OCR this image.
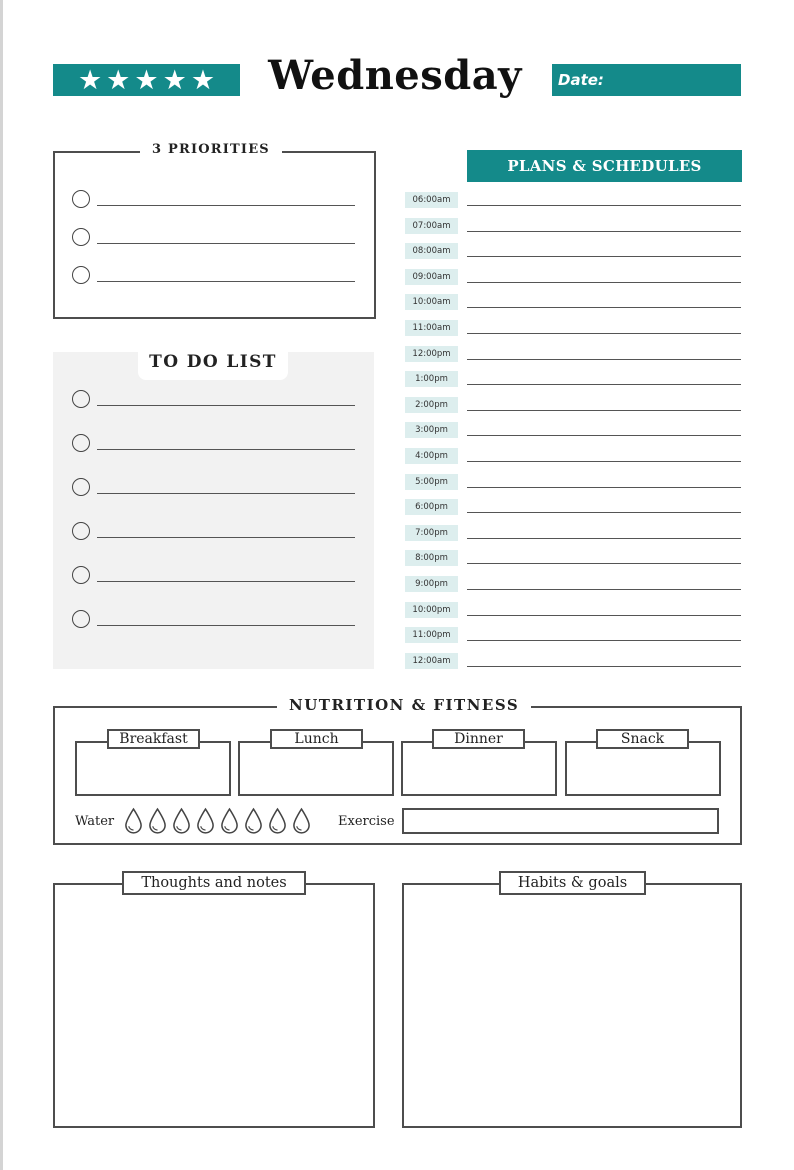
★ ★ ★ ★ ★	Wednesday	Date:
3 PRIORITIES
TO DO LIST
PLANS & SCHEDULES
06:00am
07:00am
08:00am
09:00am
10:00am
11:00am
12:00pm
1:00pm
2:00pm
3:00pm
4:00pm
5:00pm
6:00pm
7:00pm
8:00pm
9:00pm
10:00pm
11:00pm
12:00am
NUTRITION & FITNESS
Breakfast	Lunch	Dinner	Snack
Water	Exercise
Thoughts and notes	Habits & goals
